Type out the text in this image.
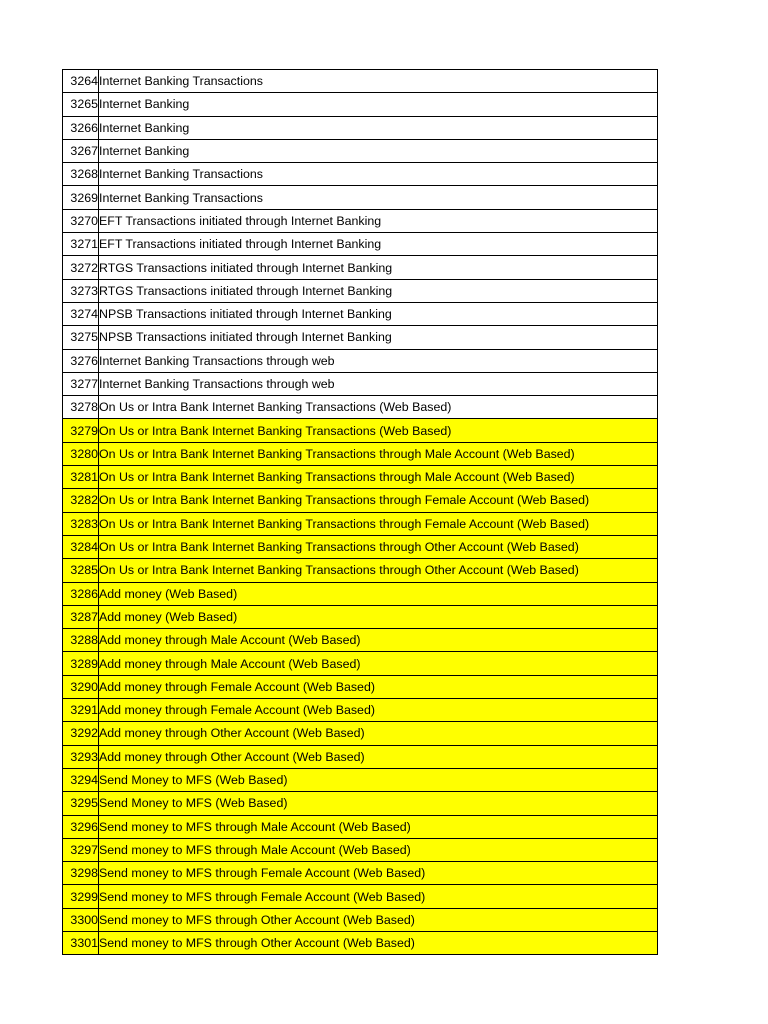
3264	Internet Banking Transactions
3265	Internet Banking
3266	Internet Banking
3267	Internet Banking
3268	Internet Banking Transactions
3269	Internet Banking Transactions
3270	EFT Transactions initiated through Internet Banking
3271	EFT Transactions initiated through Internet Banking
3272	RTGS Transactions initiated through Internet Banking
3273	RTGS Transactions initiated through Internet Banking
3274	NPSB Transactions initiated through Internet Banking
3275	NPSB Transactions initiated through Internet Banking
3276	Internet Banking Transactions through web
3277	Internet Banking Transactions through web
3278	On Us or Intra Bank Internet Banking Transactions (Web Based)
3279	On Us or Intra Bank Internet Banking Transactions (Web Based)
3280	On Us or Intra Bank Internet Banking Transactions through Male Account (Web Based)
3281	On Us or Intra Bank Internet Banking Transactions through Male Account (Web Based)
3282	On Us or Intra Bank Internet Banking Transactions through Female Account (Web Based)
3283	On Us or Intra Bank Internet Banking Transactions through Female Account (Web Based)
3284	On Us or Intra Bank Internet Banking Transactions through Other Account (Web Based)
3285	On Us or Intra Bank Internet Banking Transactions through Other Account (Web Based)
3286	Add money (Web Based)
3287	Add money (Web Based)
3288	Add money through Male Account (Web Based)
3289	Add money through Male Account (Web Based)
3290	Add money through Female Account (Web Based)
3291	Add money through Female Account (Web Based)
3292	Add money through Other Account (Web Based)
3293	Add money through Other Account (Web Based)
3294	Send Money to MFS (Web Based)
3295	Send Money to MFS (Web Based)
3296	Send money to MFS through Male Account (Web Based)
3297	Send money to MFS through Male Account (Web Based)
3298	Send money to MFS through Female Account (Web Based)
3299	Send money to MFS through Female Account (Web Based)
3300	Send money to MFS through Other Account (Web Based)
3301	Send money to MFS through Other Account (Web Based)
